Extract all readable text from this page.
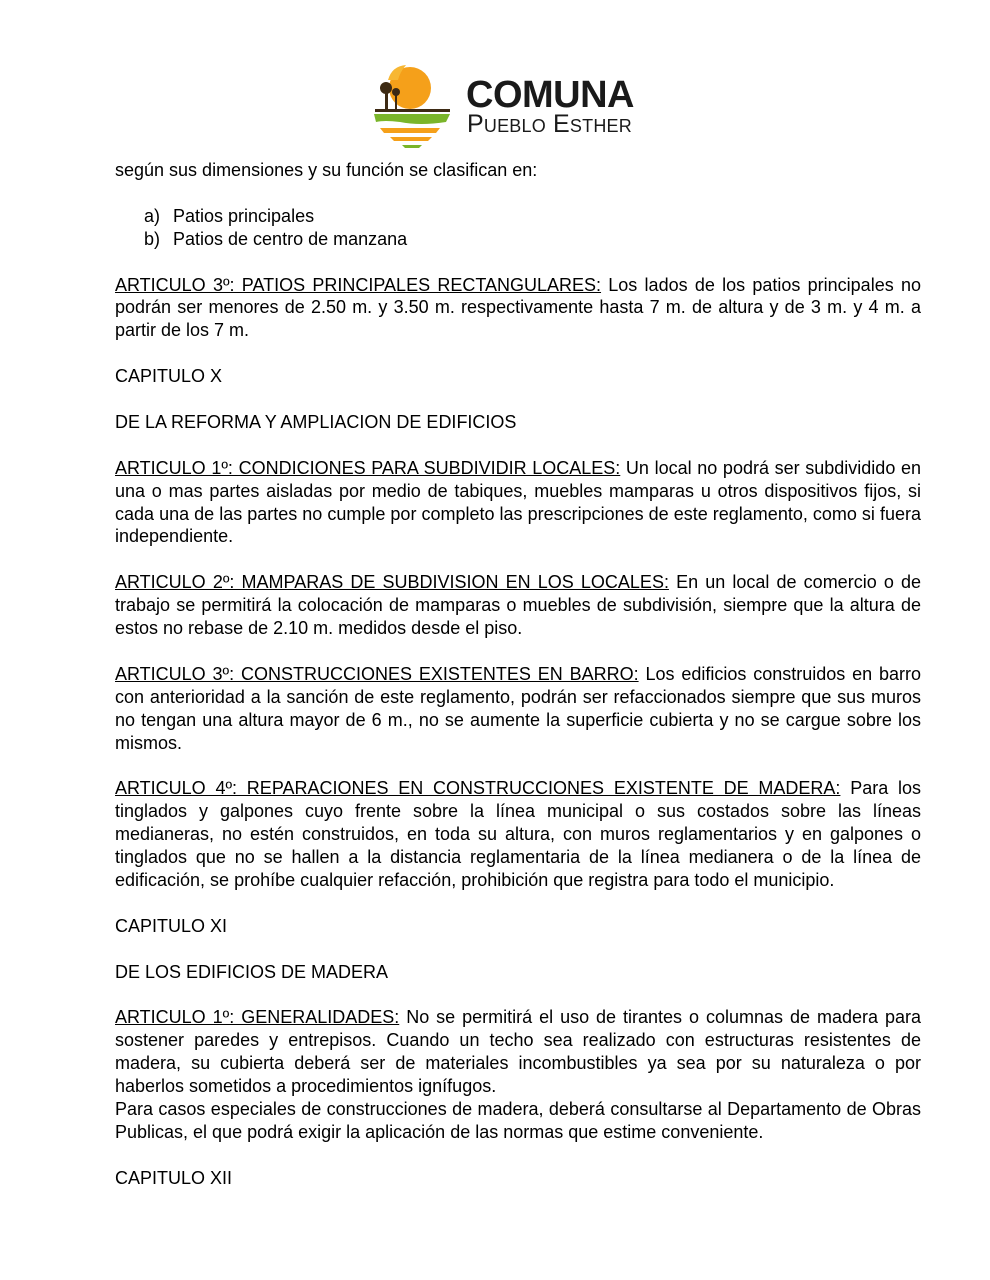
COMUNA
Pueblo Esther

según sus dimensiones y su función se clasifican en:

a) Patios principales
b) Patios de centro de manzana

ARTICULO 3º: PATIOS PRINCIPALES RECTANGULARES: Los lados de los patios principales no podrán ser menores de 2.50 m. y 3.50 m. respectivamente hasta 7 m. de altura y de 3 m. y 4 m. a partir de los 7 m.

CAPITULO X

DE LA REFORMA Y AMPLIACION DE EDIFICIOS

ARTICULO 1º: CONDICIONES PARA SUBDIVIDIR LOCALES: Un local no podrá ser subdividido en una o mas partes aisladas por medio de tabiques, muebles mamparas u otros dispositivos fijos, si cada una de las partes no cumple por completo las prescripciones de este reglamento, como si fuera independiente.

ARTICULO 2º: MAMPARAS DE SUBDIVISION EN LOS LOCALES: En un local de comercio o de trabajo se permitirá la colocación de mamparas o muebles de subdivisión, siempre que la altura de estos no rebase de 2.10 m. medidos desde el piso.

ARTICULO 3º: CONSTRUCCIONES EXISTENTES EN BARRO: Los edificios construidos en barro con anterioridad a la sanción de este reglamento, podrán ser refaccionados siempre que sus muros no tengan una altura mayor de 6 m., no se aumente la superficie cubierta y no se cargue sobre los mismos.

ARTICULO 4º: REPARACIONES EN CONSTRUCCIONES EXISTENTE DE MADERA: Para los tinglados y galpones cuyo frente sobre la línea municipal o sus costados sobre las líneas medianeras, no estén construidos, en toda su altura, con muros reglamentarios y en galpones o tinglados que no se hallen a la distancia reglamentaria de la línea medianera o de la línea de edificación, se prohíbe cualquier refacción, prohibición que registra para todo el municipio.

CAPITULO XI

DE LOS EDIFICIOS DE MADERA

ARTICULO 1º: GENERALIDADES: No se permitirá el uso de tirantes o columnas de madera para sostener paredes y entrepisos. Cuando un techo sea realizado con estructuras resistentes de madera, su cubierta deberá ser de materiales incombustibles ya sea por su naturaleza o por haberlos sometidos a procedimientos ignífugos.

Para casos especiales de construcciones de madera, deberá consultarse al Departamento de Obras Publicas, el que podrá exigir la aplicación de las normas que estime conveniente.

CAPITULO XII
